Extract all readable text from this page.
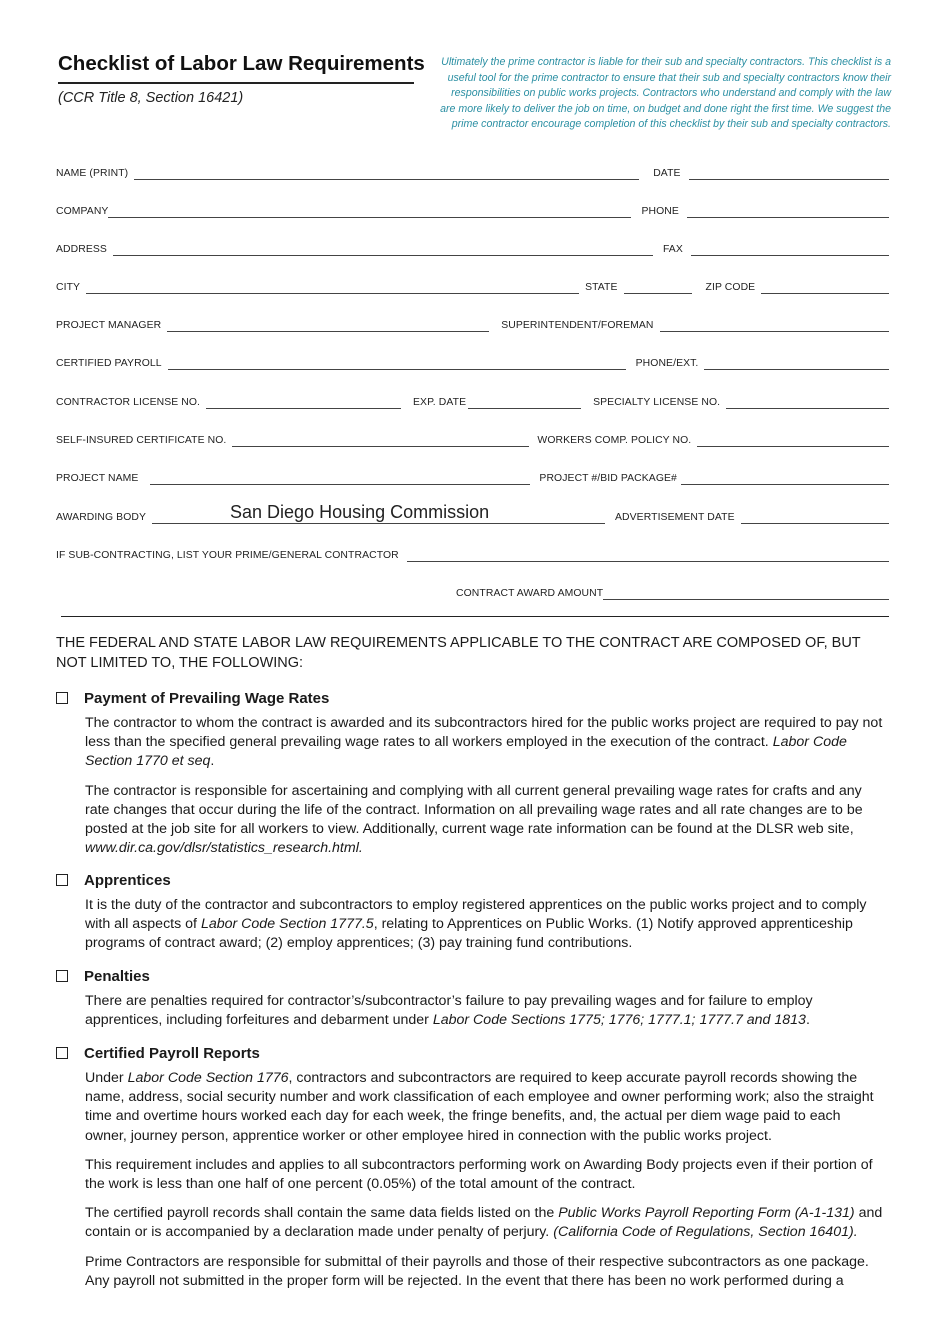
Checklist of Labor Law Requirements
(CCR Title 8, Section 16421)
Ultimately the prime contractor is liable for their sub and specialty contractors. This checklist is a
useful tool for the prime contractor to ensure that their sub and specialty contractors know their
responsibilities on public works projects. Contractors who understand and comply with the law
are more likely to deliver the job on time, on budget and done right the first time. We suggest the
prime contractor encourage completion of this checklist by their sub and specialty contractors.
NAME (PRINT)	DATE
COMPANY	PHONE
ADDRESS	FAX
CITY	STATE	ZIP CODE
PROJECT MANAGER	SUPERINTENDENT/FOREMAN
CERTIFIED PAYROLL	PHONE/EXT.
CONTRACTOR LICENSE NO.	EXP. DATE	SPECIALTY LICENSE NO.
SELF-INSURED CERTIFICATE NO.	WORKERS COMP. POLICY NO.
PROJECT NAME	PROJECT #/BID PACKAGE#
AWARDING BODY	San Diego Housing Commission	ADVERTISEMENT DATE
IF SUB-CONTRACTING, LIST YOUR PRIME/GENERAL CONTRACTOR
CONTRACT AWARD AMOUNT
THE FEDERAL AND STATE LABOR LAW REQUIREMENTS APPLICABLE TO THE CONTRACT ARE COMPOSED OF, BUT NOT LIMITED TO, THE FOLLOWING:
Payment of Prevailing Wage Rates

The contractor to whom the contract is awarded and its subcontractors hired for the public works project are required to pay not less than the specified general prevailing wage rates to all workers employed in the execution of the contract. Labor Code Section 1770 et seq.

The contractor is responsible for ascertaining and complying with all current general prevailing wage rates for crafts and any rate changes that occur during the life of the contract. Information on all prevailing wage rates and all rate changes are to be posted at the job site for all workers to view. Additionally, current wage rate information can be found at the DLSR web site, www.dir.ca.gov/dlsr/statistics_research.html.

Apprentices

It is the duty of the contractor and subcontractors to employ registered apprentices on the public works project and to comply with all aspects of Labor Code Section 1777.5, relating to Apprentices on Public Works. (1) Notify approved apprenticeship programs of contract award; (2) employ apprentices; (3) pay training fund contributions.

Penalties

There are penalties required for contractor’s/subcontractor’s failure to pay prevailing wages and for failure to employ apprentices, including forfeitures and debarment under Labor Code Sections 1775; 1776; 1777.1; 1777.7 and 1813.

Certified Payroll Reports

Under Labor Code Section 1776, contractors and subcontractors are required to keep accurate payroll records showing the name, address, social security number and work classification of each employee and owner performing work; also the straight time and overtime hours worked each day for each week, the fringe benefits, and, the actual per diem wage paid to each owner, journey person, apprentice worker or other employee hired in connection with the public works project.

This requirement includes and applies to all subcontractors performing work on Awarding Body projects even if their portion of the work is less than one half of one percent (0.05%) of the total amount of the contract.

The certified payroll records shall contain the same data fields listed on the Public Works Payroll Reporting Form (A-1-131) and contain or is accompanied by a declaration made under penalty of perjury. (California Code of Regulations, Section 16401).

Prime Contractors are responsible for submittal of their payrolls and those of their respective subcontractors as one package. Any payroll not submitted in the proper form will be rejected. In the event that there has been no work performed during a
